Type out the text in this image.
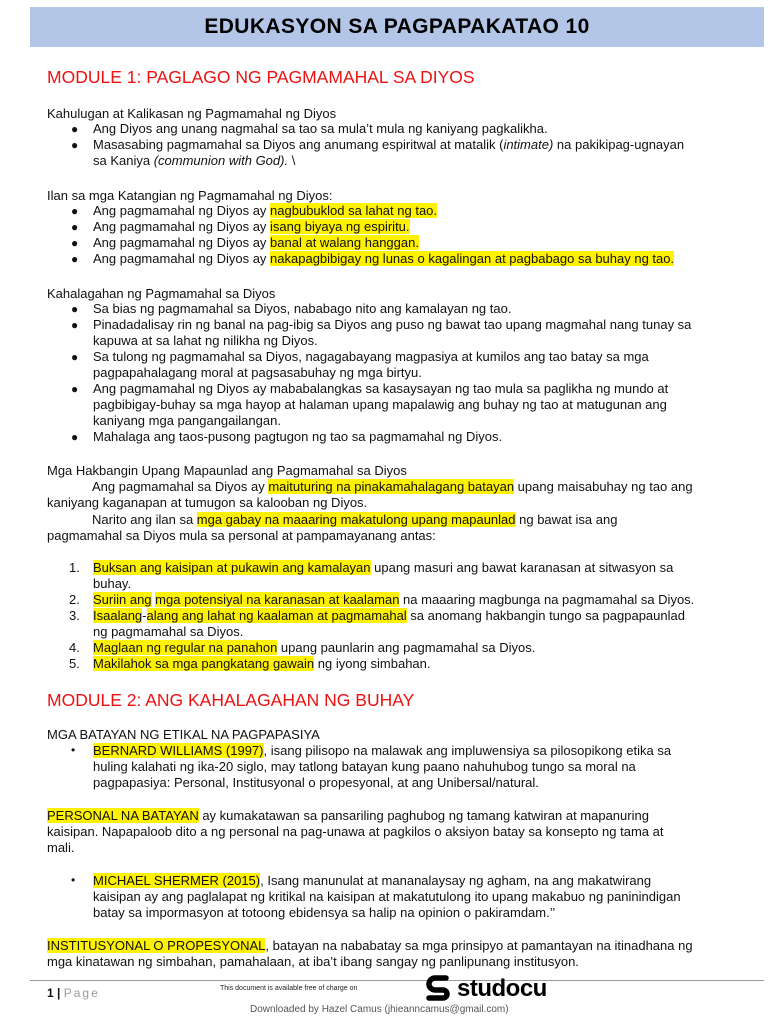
EDUKASYON SA PAGPAPAKATAO 10
MODULE 1: PAGLAGO NG PAGMAMAHAL SA DIYOS
Kahulugan at Kalikasan ng Pagmamahal ng Diyos
● Ang Diyos ang unang nagmahal sa tao sa mula’t mula ng kaniyang pagkalikha.
● Masasabing pagmamahal sa Diyos ang anumang espiritwal at matalik (intimate) na pakikipag-ugnayan
sa Kaniya (communion with God). \
Ilan sa mga Katangian ng Pagmamahal ng Diyos:
● Ang pagmamahal ng Diyos ay nagbubuklod sa lahat ng tao.
● Ang pagmamahal ng Diyos ay isang biyaya ng espiritu.
● Ang pagmamahal ng Diyos ay banal at walang hanggan.
● Ang pagmamahal ng Diyos ay nakapagbibigay ng lunas o kagalingan at pagbabago sa buhay ng tao.
Kahalagahan ng Pagmamahal sa Diyos
● Sa bias ng pagmamahal sa Diyos, nababago nito ang kamalayan ng tao.
● Pinadadalisay rin ng banal na pag-ibig sa Diyos ang puso ng bawat tao upang magmahal nang tunay sa
kapuwa at sa lahat ng nilikha ng Diyos.
● Sa tulong ng pagmamahal sa Diyos, nagagabayang magpasiya at kumilos ang tao batay sa mga
pagpapahalagang moral at pagsasabuhay ng mga birtyu.
● Ang pagmamahal ng Diyos ay mababalangkas sa kasaysayan ng tao mula sa paglikha ng mundo at
pagbibigay-buhay sa mga hayop at halaman upang mapalawig ang buhay ng tao at matugunan ang
kaniyang mga pangangailangan.
● Mahalaga ang taos-pusong pagtugon ng tao sa pagmamahal ng Diyos.
Mga Hakbangin Upang Mapaunlad ang Pagmamahal sa Diyos
Ang pagmamahal sa Diyos ay maituturing na pinakamahalagang batayan upang maisabuhay ng tao ang
kaniyang kaganapan at tumugon sa kalooban ng Diyos.
Narito ang ilan sa mga gabay na maaaring makatulong upang mapaunlad ng bawat isa ang
pagmamahal sa Diyos mula sa personal at pampamayanang antas:
1. Buksan ang kaisipan at pukawin ang kamalayan upang masuri ang bawat karanasan at sitwasyon sa
buhay.
2. Suriin ang mga potensiyal na karanasan at kaalaman na maaaring magbunga na pagmamahal sa Diyos.
3. Isaalang-alang ang lahat ng kaalaman at pagmamahal sa anomang hakbangin tungo sa pagpapaunlad
ng pagmamahal sa Diyos.
4. Maglaan ng regular na panahon upang paunlarin ang pagmamahal sa Diyos.
5. Makilahok sa mga pangkatang gawain ng iyong simbahan.
MODULE 2: ANG KAHALAGAHAN NG BUHAY
MGA BATAYAN NG ETIKAL NA PAGPAPASIYA
• BERNARD WILLIAMS (1997), isang pilisopo na malawak ang impluwensiya sa pilosopikong etika sa
huling kalahati ng ika-20 siglo, may tatlong batayan kung paano nahuhubog tungo sa moral na
pagpapasiya: Personal, Institusyonal o propesyonal, at ang Unibersal/natural.
PERSONAL NA BATAYAN ay kumakatawan sa pansariling paghubog ng tamang katwiran at mapanuring
kaisipan. Napapaloob dito a ng personal na pag-unawa at pagkilos o aksiyon batay sa konsepto ng tama at
mali.
• MICHAEL SHERMER (2015), Isang manunulat at mananalaysay ng agham, na ang makatwirang
kaisipan ay ang paglalapat ng kritikal na kaisipan at makatutulong ito upang makabuo ng paninindigan
batay sa impormasyon at totoong ebidensya sa halip na opinion o pakiramdam.’’
INSTITUSYONAL O PROPESYONAL, batayan na nababatay sa mga prinsipyo at pamantayan na itinadhana ng
mga kinatawan ng simbahan, pamahalaan, at iba’t ibang sangay ng panlipunang institusyon.
1 | Page	This document is available free of charge on	studocu
Downloaded by Hazel Camus (jhieanncamus@gmail.com)
